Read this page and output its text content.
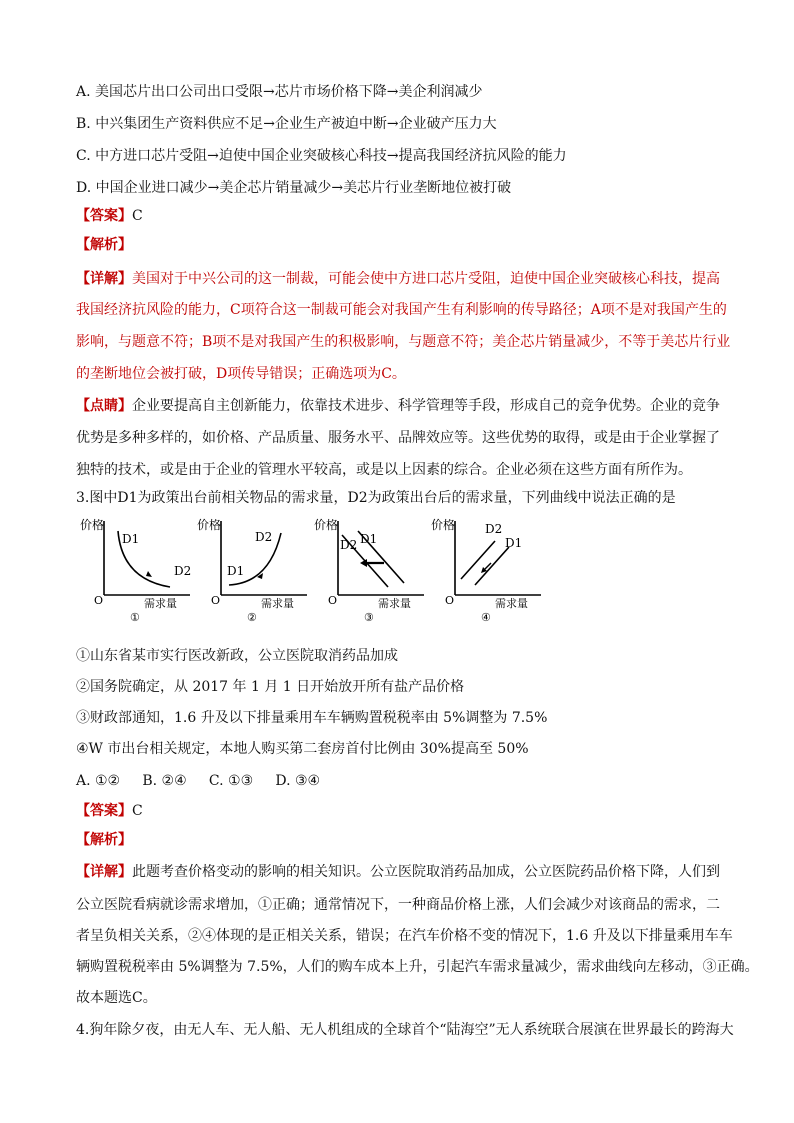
A. 美国芯片出口公司出口受限→芯片市场价格下降→美企利润减少
B. 中兴集团生产资料供应不足→企业生产被迫中断→企业破产压力大
C. 中方进口芯片受阻→迫使中国企业突破核心科技→提高我国经济抗风险的能力
D. 中国企业进口减少→美企芯片销量减少→美芯片行业垄断地位被打破
【答案】C
【解析】
【详解】美国对于中兴公司的这一制裁，可能会使中方进口芯片受阻，迫使中国企业突破核心科技，提高
我国经济抗风险的能力，C项符合这一制裁可能会对我国产生有利影响的传导路径；A项不是对我国产生的
影响，与题意不符；B项不是对我国产生的积极影响，与题意不符；美企芯片销量减少，不等于美芯片行业
的垄断地位会被打破，D项传导错误；正确选项为C。
【点睛】企业要提高自主创新能力，依靠技术进步、科学管理等手段，形成自己的竞争优势。企业的竞争
优势是多种多样的，如价格、产品质量、服务水平、品牌效应等。这些优势的取得，或是由于企业掌握了
独特的技术，或是由于企业的管理水平较高，或是以上因素的综合。企业必须在这些方面有所作为。
3.图中D1为政策出台前相关物品的需求量，D2为政策出台后的需求量，下列曲线中说法正确的是
价格
D1
D2
O	需求量
①
价格
D2
D1
O	需求量
②
价格
D2 D1
O	需求量
③
价格 D2
D1
O	需求量
④
①山东省某市实行医改新政，公立医院取消药品加成
②国务院确定，从 2017 年 1 月 1 日开始放开所有盐产品价格
③财政部通知，1.6 升及以下排量乘用车车辆购置税税率由 5%调整为 7.5%
④W 市出台相关规定，本地人购买第二套房首付比例由 30%提高至 50%
A. ①②     B. ②④     C. ①③     D. ③④
【答案】C
【解析】
【详解】此题考查价格变动的影响的相关知识。公立医院取消药品加成，公立医院药品价格下降，人们到
公立医院看病就诊需求增加，①正确；通常情况下，一种商品价格上涨，人们会减少对该商品的需求，二
者呈负相关关系，②④体现的是正相关关系，错误；在汽车价格不变的情况下，1.6 升及以下排量乘用车车
辆购置税税率由 5%调整为 7.5%，人们的购车成本上升，引起汽车需求量减少，需求曲线向左移动，③正确。
故本题选C。
4.狗年除夕夜，由无人车、无人船、无人机组成的全球首个“陆海空”无人系统联合展演在世界最长的跨海大
